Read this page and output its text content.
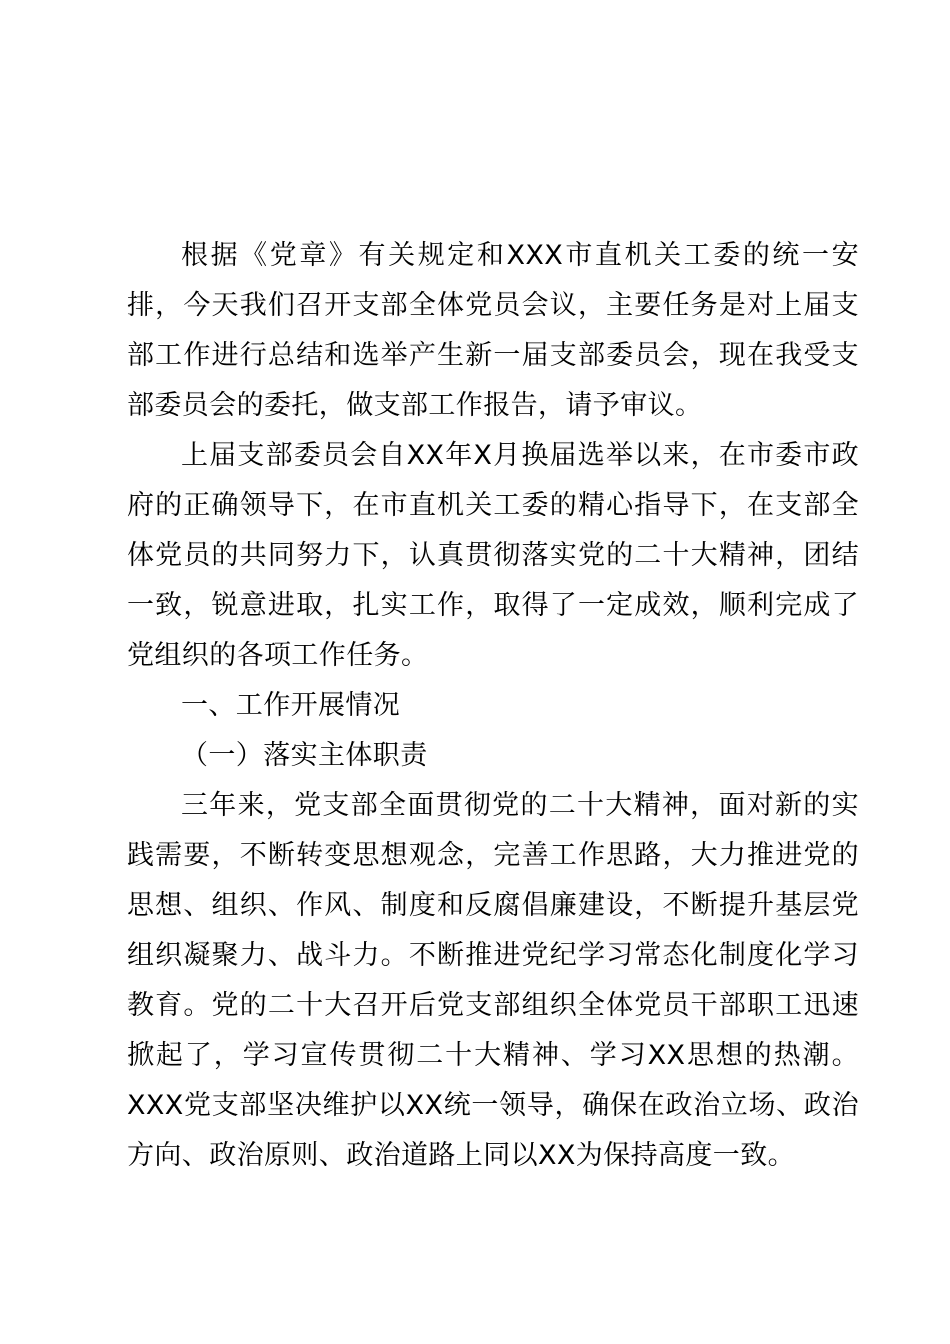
根据《党章》有关规定和XXX市直机关工委的统一安排，今天我们召开支部全体党员会议，主要任务是对上届支部工作进行总结和选举产生新一届支部委员会，现在我受支部委员会的委托，做支部工作报告，请予审议。

上届支部委员会自XX年X月换届选举以来，在市委市政府的正确领导下，在市直机关工委的精心指导下，在支部全体党员的共同努力下，认真贯彻落实党的二十大精神，团结一致，锐意进取，扎实工作，取得了一定成效，顺利完成了党组织的各项工作任务。

一、工作开展情况

（一）落实主体职责

三年来，党支部全面贯彻党的二十大精神，面对新的实践需要，不断转变思想观念，完善工作思路，大力推进党的思想、组织、作风、制度和反腐倡廉建设，不断提升基层党组织凝聚力、战斗力。不断推进党纪学习常态化制度化学习教育。党的二十大召开后党支部组织全体党员干部职工迅速掀起了，学习宣传贯彻二十大精神、学习XX思想的热潮。XXX党支部坚决维护以XX统一领导，确保在政治立场、政治方向、政治原则、政治道路上同以XX为保持高度一致。
